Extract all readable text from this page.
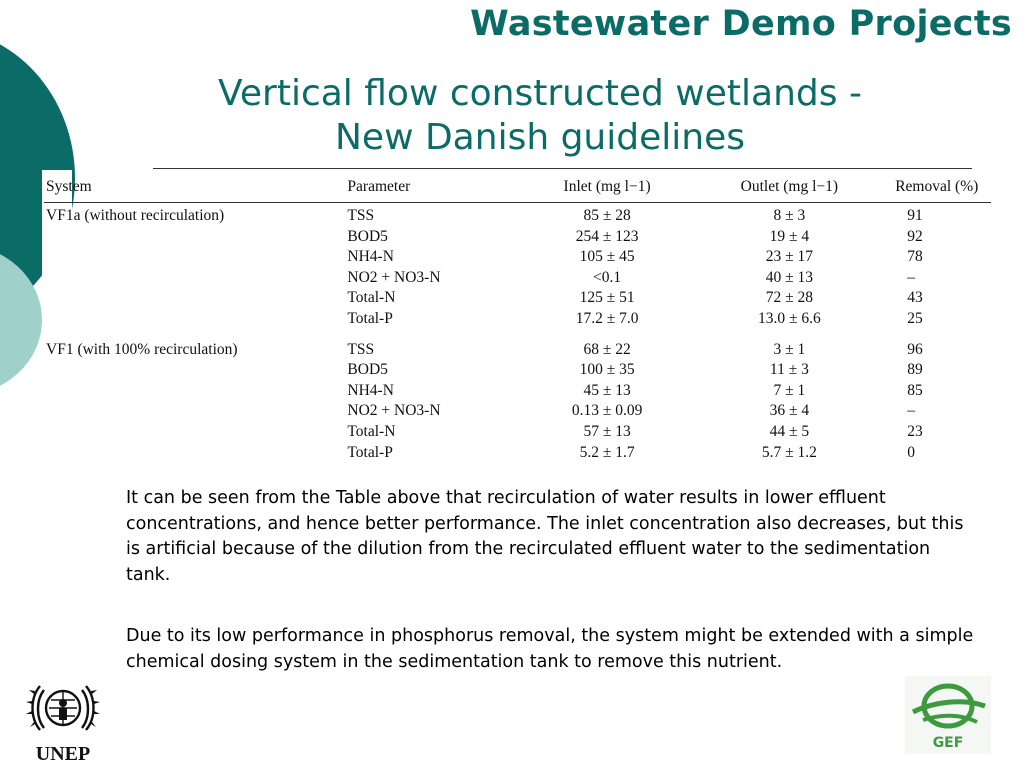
Wastewater Demo Projects
Vertical flow constructed wetlands -
New Danish guidelines
System	Parameter	Inlet (mg l−1)	Outlet (mg l−1)	Removal (%)
VF1a (without recirculation)	TSS	85 ± 28	8 ± 3	91
	BOD5	254 ± 123	19 ± 4	92
	NH4-N	105 ± 45	23 ± 17	78
	NO2 + NO3-N	<0.1	40 ± 13	–
	Total-N	125 ± 51	72 ± 28	43
	Total-P	17.2 ± 7.0	13.0 ± 6.6	25
VF1 (with 100% recirculation)	TSS	68 ± 22	3 ± 1	96
	BOD5	100 ± 35	11 ± 3	89
	NH4-N	45 ± 13	7 ± 1	85
	NO2 + NO3-N	0.13 ± 0.09	36 ± 4	–
	Total-N	57 ± 13	44 ± 5	23
	Total-P	5.2 ± 1.7	5.7 ± 1.2	0
It can be seen from the Table above that recirculation of water results in lower effluent concentrations, and hence better performance. The inlet concentration also decreases, but this is artificial because of the dilution from the recirculated effluent water to the sedimentation tank.
Due to its low performance in phosphorus removal, the system might be extended with a simple chemical dosing system in the sedimentation tank to remove this nutrient.
UNEP	GEF
